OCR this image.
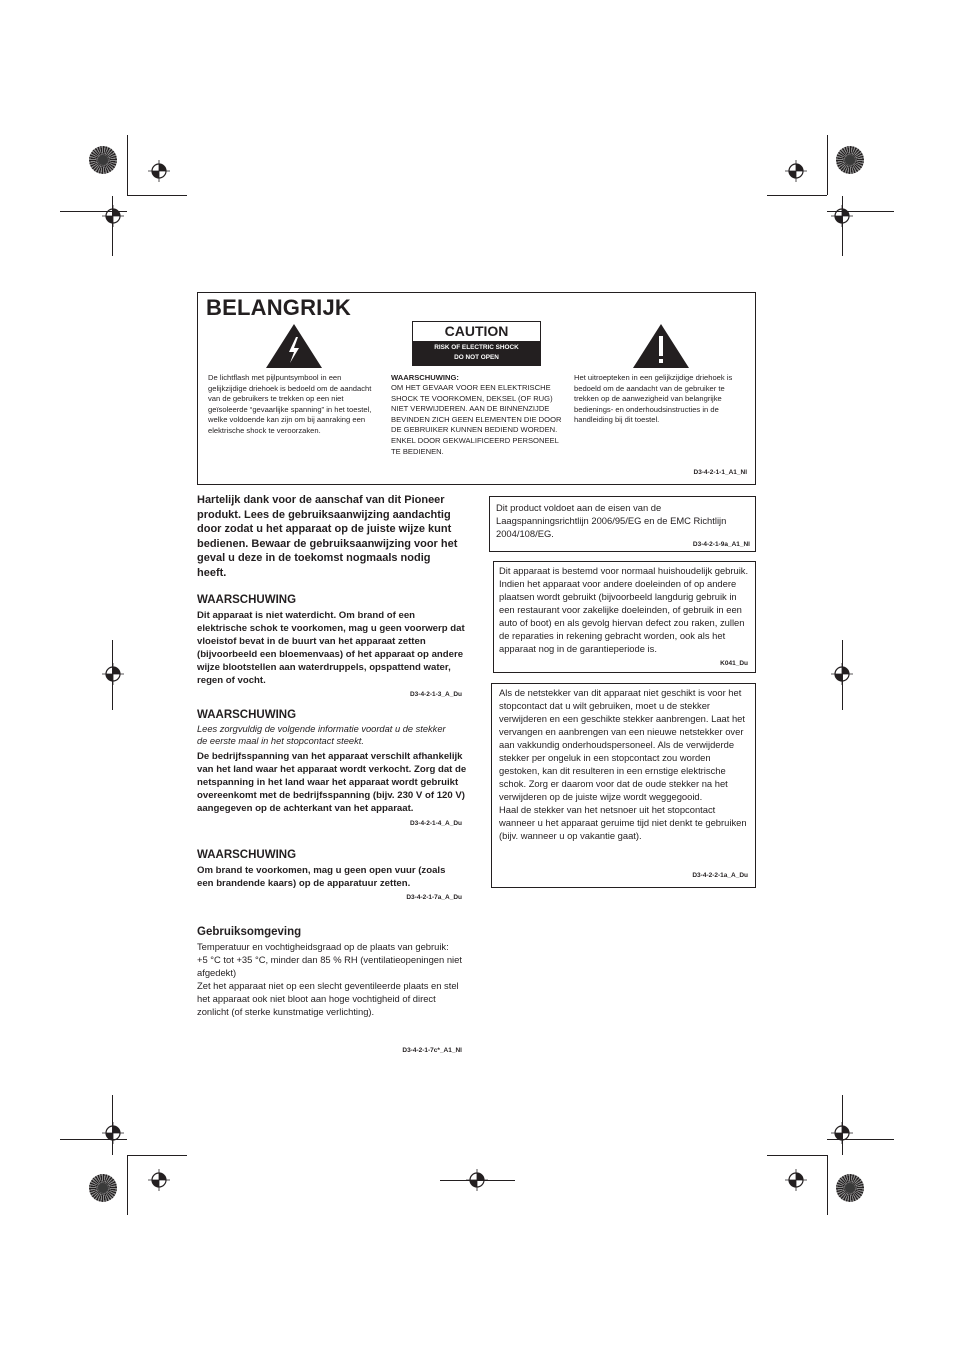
BELANGRIJK
De lichtflash met pijlpuntsymbool in een gelijkzijdige driehoek is bedoeld om de aandacht van de gebruikers te trekken op een niet geïsoleerde “gevaarlijke spanning” in het toestel, welke voldoende kan zijn om bij aanraking een elektrische shock te veroorzaken.
CAUTION
RISK OF ELECTRIC SHOCK
DO NOT OPEN
WAARSCHUWING:
OM HET GEVAAR VOOR EEN ELEKTRISCHE SHOCK TE VOORKOMEN, DEKSEL (OF RUG) NIET VERWIJDEREN. AAN DE BINNENZIJDE BEVINDEN ZICH GEEN ELEMENTEN DIE DOOR DE GEBRUIKER KUNNEN BEDIEND WORDEN. ENKEL DOOR GEKWALIFICEERD PERSONEEL TE BEDIENEN.
Het uitroepteken in een gelijkzijdige driehoek is bedoeld om de aandacht van de gebruiker te trekken op de aanwezigheid van belangrijke bedienings- en onderhoudsinstructies in de handleiding bij dit toestel.
D3-4-2-1-1_A1_Nl
Hartelijk dank voor de aanschaf van dit Pioneer produkt. Lees de gebruiksaanwijzing aandachtig door zodat u het apparaat op de juiste wijze kunt bedienen. Bewaar de gebruiksaanwijzing voor het geval u deze in de toekomst nogmaals nodig heeft.
WAARSCHUWING
Dit apparaat is niet waterdicht. Om brand of een elektrische schok te voorkomen, mag u geen voorwerp dat vloeistof bevat in de buurt van het apparaat zetten (bijvoorbeeld een bloemenvaas) of het apparaat op andere wijze blootstellen aan waterdruppels, opspattend water, regen of vocht.
D3-4-2-1-3_A_Du
WAARSCHUWING
Lees zorgvuldig de volgende informatie voordat u de stekker de eerste maal in het stopcontact steekt.
De bedrijfsspanning van het apparaat verschilt afhankelijk van het land waar het apparaat wordt verkocht. Zorg dat de netspanning in het land waar het apparaat wordt gebruikt overeenkomt met de bedrijfsspanning (bijv. 230 V of 120 V) aangegeven op de achterkant van het apparaat.
D3-4-2-1-4_A_Du
WAARSCHUWING
Om brand te voorkomen, mag u geen open vuur (zoals een brandende kaars) op de apparatuur zetten.
D3-4-2-1-7a_A_Du
Gebruiksomgeving
Temperatuur en vochtigheidsgraad op de plaats van gebruik:
+5 °C tot +35 °C, minder dan 85 % RH (ventilatieopeningen niet afgedekt)
Zet het apparaat niet op een slecht geventileerde plaats en stel het apparaat ook niet bloot aan hoge vochtigheid of direct zonlicht (of sterke kunstmatige verlichting).
D3-4-2-1-7c*_A1_Nl
Dit product voldoet aan de eisen van de Laagspanningsrichtlijn 2006/95/EG en de EMC Richtlijn 2004/108/EG.
D3-4-2-1-9a_A1_Nl
Dit apparaat is bestemd voor normaal huishoudelijk gebruik. Indien het apparaat voor andere doeleinden of op andere plaatsen wordt gebruikt (bijvoorbeeld langdurig gebruik in een restaurant voor zakelijke doeleinden, of gebruik in een auto of boot) en als gevolg hiervan defect zou raken, zullen de reparaties in rekening gebracht worden, ook als het apparaat nog in de garantieperiode is.
K041_Du
Als de netstekker van dit apparaat niet geschikt is voor het stopcontact dat u wilt gebruiken, moet u de stekker verwijderen en een geschikte stekker aanbrengen. Laat het vervangen en aanbrengen van een nieuwe netstekker over aan vakkundig onderhoudspersoneel. Als de verwijderde stekker per ongeluk in een stopcontact zou worden gestoken, kan dit resulteren in een ernstige elektrische schok. Zorg er daarom voor dat de oude stekker na het verwijderen op de juiste wijze wordt weggegooid.
Haal de stekker van het netsnoer uit het stopcontact wanneer u het apparaat geruime tijd niet denkt te gebruiken (bijv. wanneer u op vakantie gaat).
D3-4-2-2-1a_A_Du
